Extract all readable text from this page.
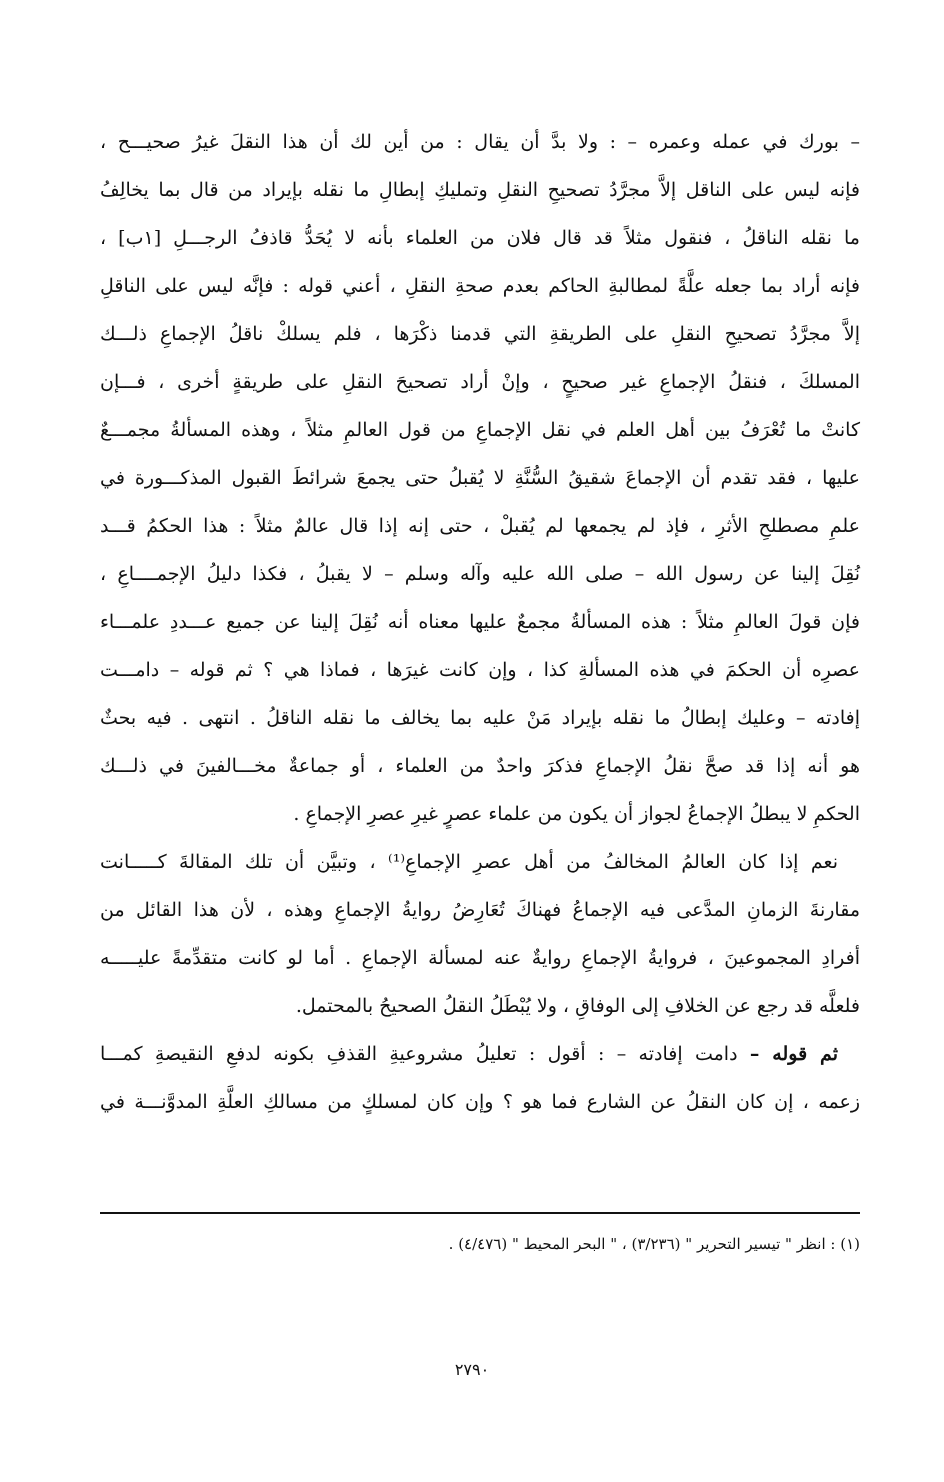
– بورك في عمله وعمره – : ولا بدَّ أن يقال : من أين لك أن هذا النقلَ غيرُ صحيـــح ،
فإنه ليس على الناقل إلاَّ مجرَّدُ تصحيحِ النقلِ وتمليكِ إبطالِ ما نقله بإيراد من قال بما يخالِفُ
ما نقله الناقلُ ، فنقول مثلاً قد قال فلان من العلماء بأنه لا يُحَدُّ قاذفُ الرجـــلِ [١ب] ،
فإنه أراد بما جعله علَّةً لمطالبةِ الحاكم بعدم صحةِ النقلِ ، أعني قوله : فإنَّه ليس على الناقلِ
إلاَّ مجرَّدُ تصحيحِ النقلِ على الطريقةِ التي قدمنا ذكْرَها ، فلم يسلكْ ناقلُ الإجماعِ ذلـــك
المسلكَ ، فنقلُ الإجماعِ غير صحيحٍ ، وإنْ أراد تصحيحَ النقلِ على طريقةٍ أخرى ، فـــإن
كانتْ ما تُعْرَفُ بين أهل العلم في نقل الإجماعِ من قول العالمِ مثلاً ، وهذه المسألةُ مجمـــعٌ
عليها ، فقد تقدم أن الإجماعَ شقيقُ السُّنَّةِ لا يُقبلُ حتى يجمعَ شرائطَ القبول المذكـــورة في
علمِ مصطلحِ الأثرِ ، فإذ لم يجمعها لم يُقبلْ ، حتى إنه إذا قال عالمٌ مثلاً : هذا الحكمُ قـــد
نُقِلَ إلينا عن رسول الله – صلى الله عليه وآله وسلم – لا يقبلُ ، فكذا دليلُ الإجمــــاعِ ،
فإن قولَ العالمِ مثلاً : هذه المسألةُ مجمعٌ عليها معناه أنه نُقِلَ إلينا عن جميع عـــددِ علمـــاء
عصرِه أن الحكمَ في هذه المسألةِ كذا ، وإن كانت غيرَها ، فماذا هي ؟ ثم قوله – دامـــت
إفادته – وعليك إبطالُ ما نقله بإيراد مَنْ عليه بما يخالف ما نقله الناقلُ . انتهى . فيه بحثٌ
هو أنه إذا قد صحَّ نقلُ الإجماعِ فذكرَ واحدٌ من العلماء ، أو جماعةٌ مخـــالفينَ في ذلـــك
الحكمِ لا يبطلُ الإجماعُ لجواز أن يكون من علماء عصرٍ غيرِ عصرِ الإجماعِ .
نعم إذا كان العالمُ المخالفُ من أهل عصرِ الإجماعِ⁽¹⁾ ، وتبيَّن أن تلك المقالةَ كـــــانت
مقارنةَ الزمانِ المدَّعى فيه الإجماعُ فهناكَ تُعَارِضُ روايةُ الإجماعِ وهذه ، لأن هذا القائل من
أفرادِ المجموعينَ ، فروايةُ الإجماعِ روايةٌ عنه لمسألة الإجماعِ . أما لو كانت متقدِّمةً عليـــــه
فلعلَّه قد رجع عن الخلافِ إلى الوفاقِ ، ولا يُبْطَلُ النقلُ الصحيحُ بالمحتمل.
ثم قوله – دامت إفادته – : أقول : تعليلُ مشروعيةِ القذفِ بكونه لدفعِ النقيصةِ كمـــا
زعمه ، إن كان النقلُ عن الشارع فما هو ؟ وإن كان لمسلكٍ من مسالكِ العلَّةِ المدوَّنـــة في
(١) : انظر " تيسير التحرير " (٣/٢٣٦) ، " البحر المحيط " (٤/٤٧٦) .
٢٧٩٠
